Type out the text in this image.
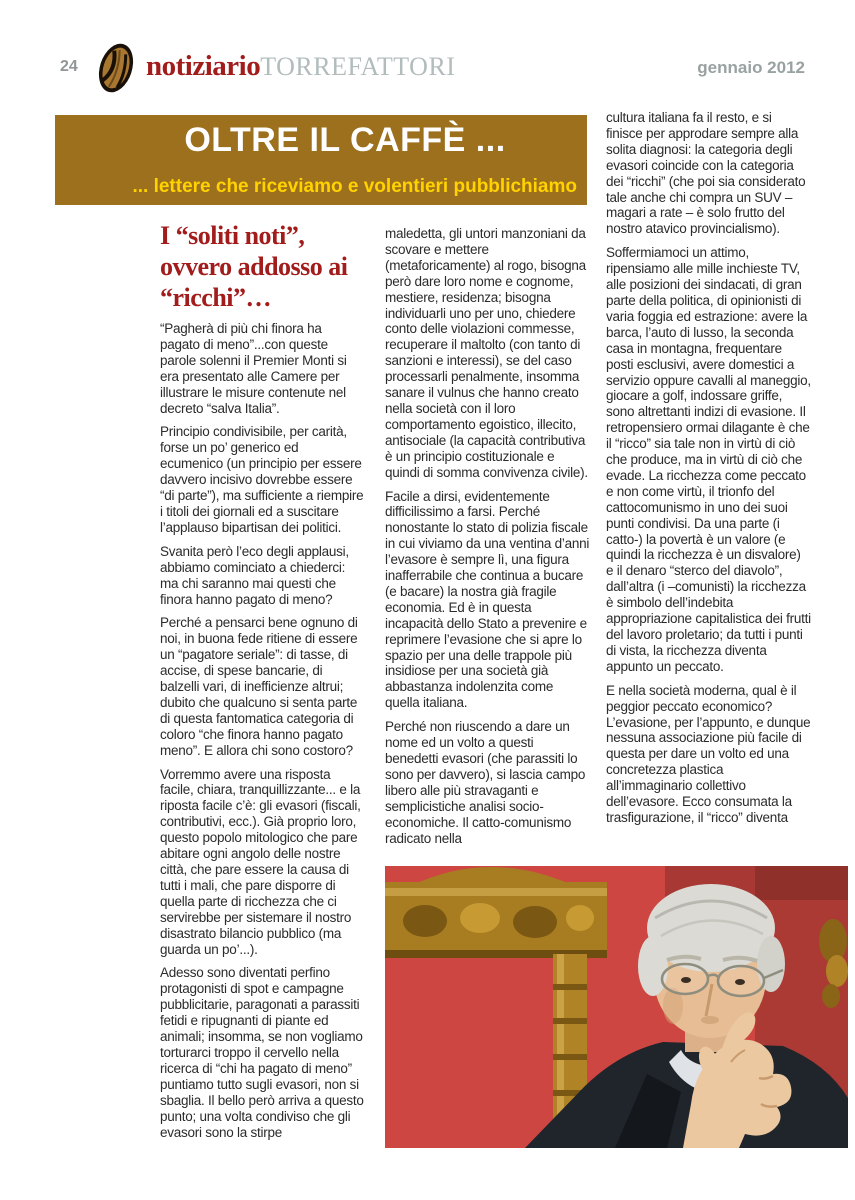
24 notiziarioTORREFATTORI	gennaio 2012
OLTRE IL CAFFÈ ...
... lettere che riceviamo e volentieri pubblichiamo
I “soliti noti”,
ovvero addosso ai
“ricchi”…

“Pagherà di più chi finora ha pagato di meno”...con queste parole solenni il Premier Monti si era presentato alle Camere per illustrare le misure contenute nel decreto “salva Italia”.

Principio condivisibile, per carità, forse un po’ generico ed ecumenico (un principio per essere davvero incisivo dovrebbe essere “di parte”), ma sufficiente a riempire i titoli dei giornali ed a suscitare l’applauso bipartisan dei politici.

Svanita però l’eco degli applausi, abbiamo cominciato a chiederci: ma chi saranno mai questi che finora hanno pagato di meno?

Perché a pensarci bene ognuno di noi, in buona fede ritiene di essere un “pagatore seriale”: di tasse, di accise, di spese bancarie, di balzelli vari, di inefficienze altrui; dubito che qualcuno si senta parte di questa fantomatica categoria di coloro “che finora hanno pagato meno”. E allora chi sono costoro?

Vorremmo avere una risposta facile, chiara, tranquillizzante... e la riposta facile c’è: gli evasori (fiscali, contributivi, ecc.). Già proprio loro, questo popolo mitologico che pare abitare ogni angolo delle nostre città, che pare essere la causa di tutti i mali, che pare disporre di quella parte di ricchezza che ci servirebbe per sistemare il nostro disastrato bilancio pubblico (ma guarda un po’...).

Adesso sono diventati perfino protagonisti di spot e campagne pubblicitarie, paragonati a parassiti fetidi e ripugnanti di piante ed animali; insomma, se non vogliamo torturarci troppo il cervello nella ricerca di “chi ha pagato di meno” puntiamo tutto sugli evasori, non si sbaglia. Il bello però arriva a questo punto; una volta condiviso che gli evasori sono la stirpe

maledetta, gli untori manzoniani da scovare e mettere (metaforicamente) al rogo, bisogna però dare loro nome e cognome, mestiere, residenza; bisogna individuarli uno per uno, chiedere conto delle violazioni commesse, recuperare il maltolto (con tanto di sanzioni e interessi), se del caso processarli penalmente, insomma sanare il vulnus che hanno creato nella società con il loro comportamento egoistico, illecito, antisociale (la capacità contributiva è un principio costituzionale e quindi di somma convivenza civile).

Facile a dirsi, evidentemente difficilissimo a farsi. Perché nonostante lo stato di polizia fiscale in cui viviamo da una ventina d’anni l’evasore è sempre lì, una figura inafferrabile che continua a bucare (e bacare) la nostra già fragile economia. Ed è in questa incapacità dello Stato a prevenire e reprimere l’evasione che si apre lo spazio per una delle trappole più insidiose per una società già abbastanza indolenzita come quella italiana.

Perché non riuscendo a dare un nome ed un volto a questi benedetti evasori (che parassiti lo sono per davvero), si lascia campo libero alle più stravaganti e semplicistiche analisi socio-economiche. Il catto-comunismo radicato nella

cultura italiana fa il resto, e si finisce per approdare sempre alla solita diagnosi: la categoria degli evasori coincide con la categoria dei “ricchi” (che poi sia considerato tale anche chi compra un SUV – magari a rate – è solo frutto del nostro atavico provincialismo).

Soffermiamoci un attimo, ripensiamo alle mille inchieste TV, alle posizioni dei sindacati, di gran parte della politica, di opinionisti di varia foggia ed estrazione: avere la barca, l’auto di lusso, la seconda casa in montagna, frequentare posti esclusivi, avere domestici a servizio oppure cavalli al maneggio, giocare a golf, indossare griffe, sono altrettanti indizi di evasione. Il retropensiero ormai dilagante è che il “ricco” sia tale non in virtù di ciò che produce, ma in virtù di ciò che evade. La ricchezza come peccato e non come virtù, il trionfo del cattocomunismo in uno dei suoi punti condivisi. Da una parte (i catto-) la povertà è un valore (e quindi la ricchezza è un disvalore) e il denaro “sterco del diavolo”, dall’altra (i –comunisti) la ricchezza è simbolo dell’indebita appropriazione capitalistica dei frutti del lavoro proletario; da tutti i punti di vista, la ricchezza diventa appunto un peccato.

E nella società moderna, qual è il peggior peccato economico? L’evasione, per l’appunto, e dunque nessuna associazione più facile di questa per dare un volto ed una concretezza plastica all’immaginario collettivo dell’evasore. Ecco consumata la trasfigurazione, il “ricco” diventa
